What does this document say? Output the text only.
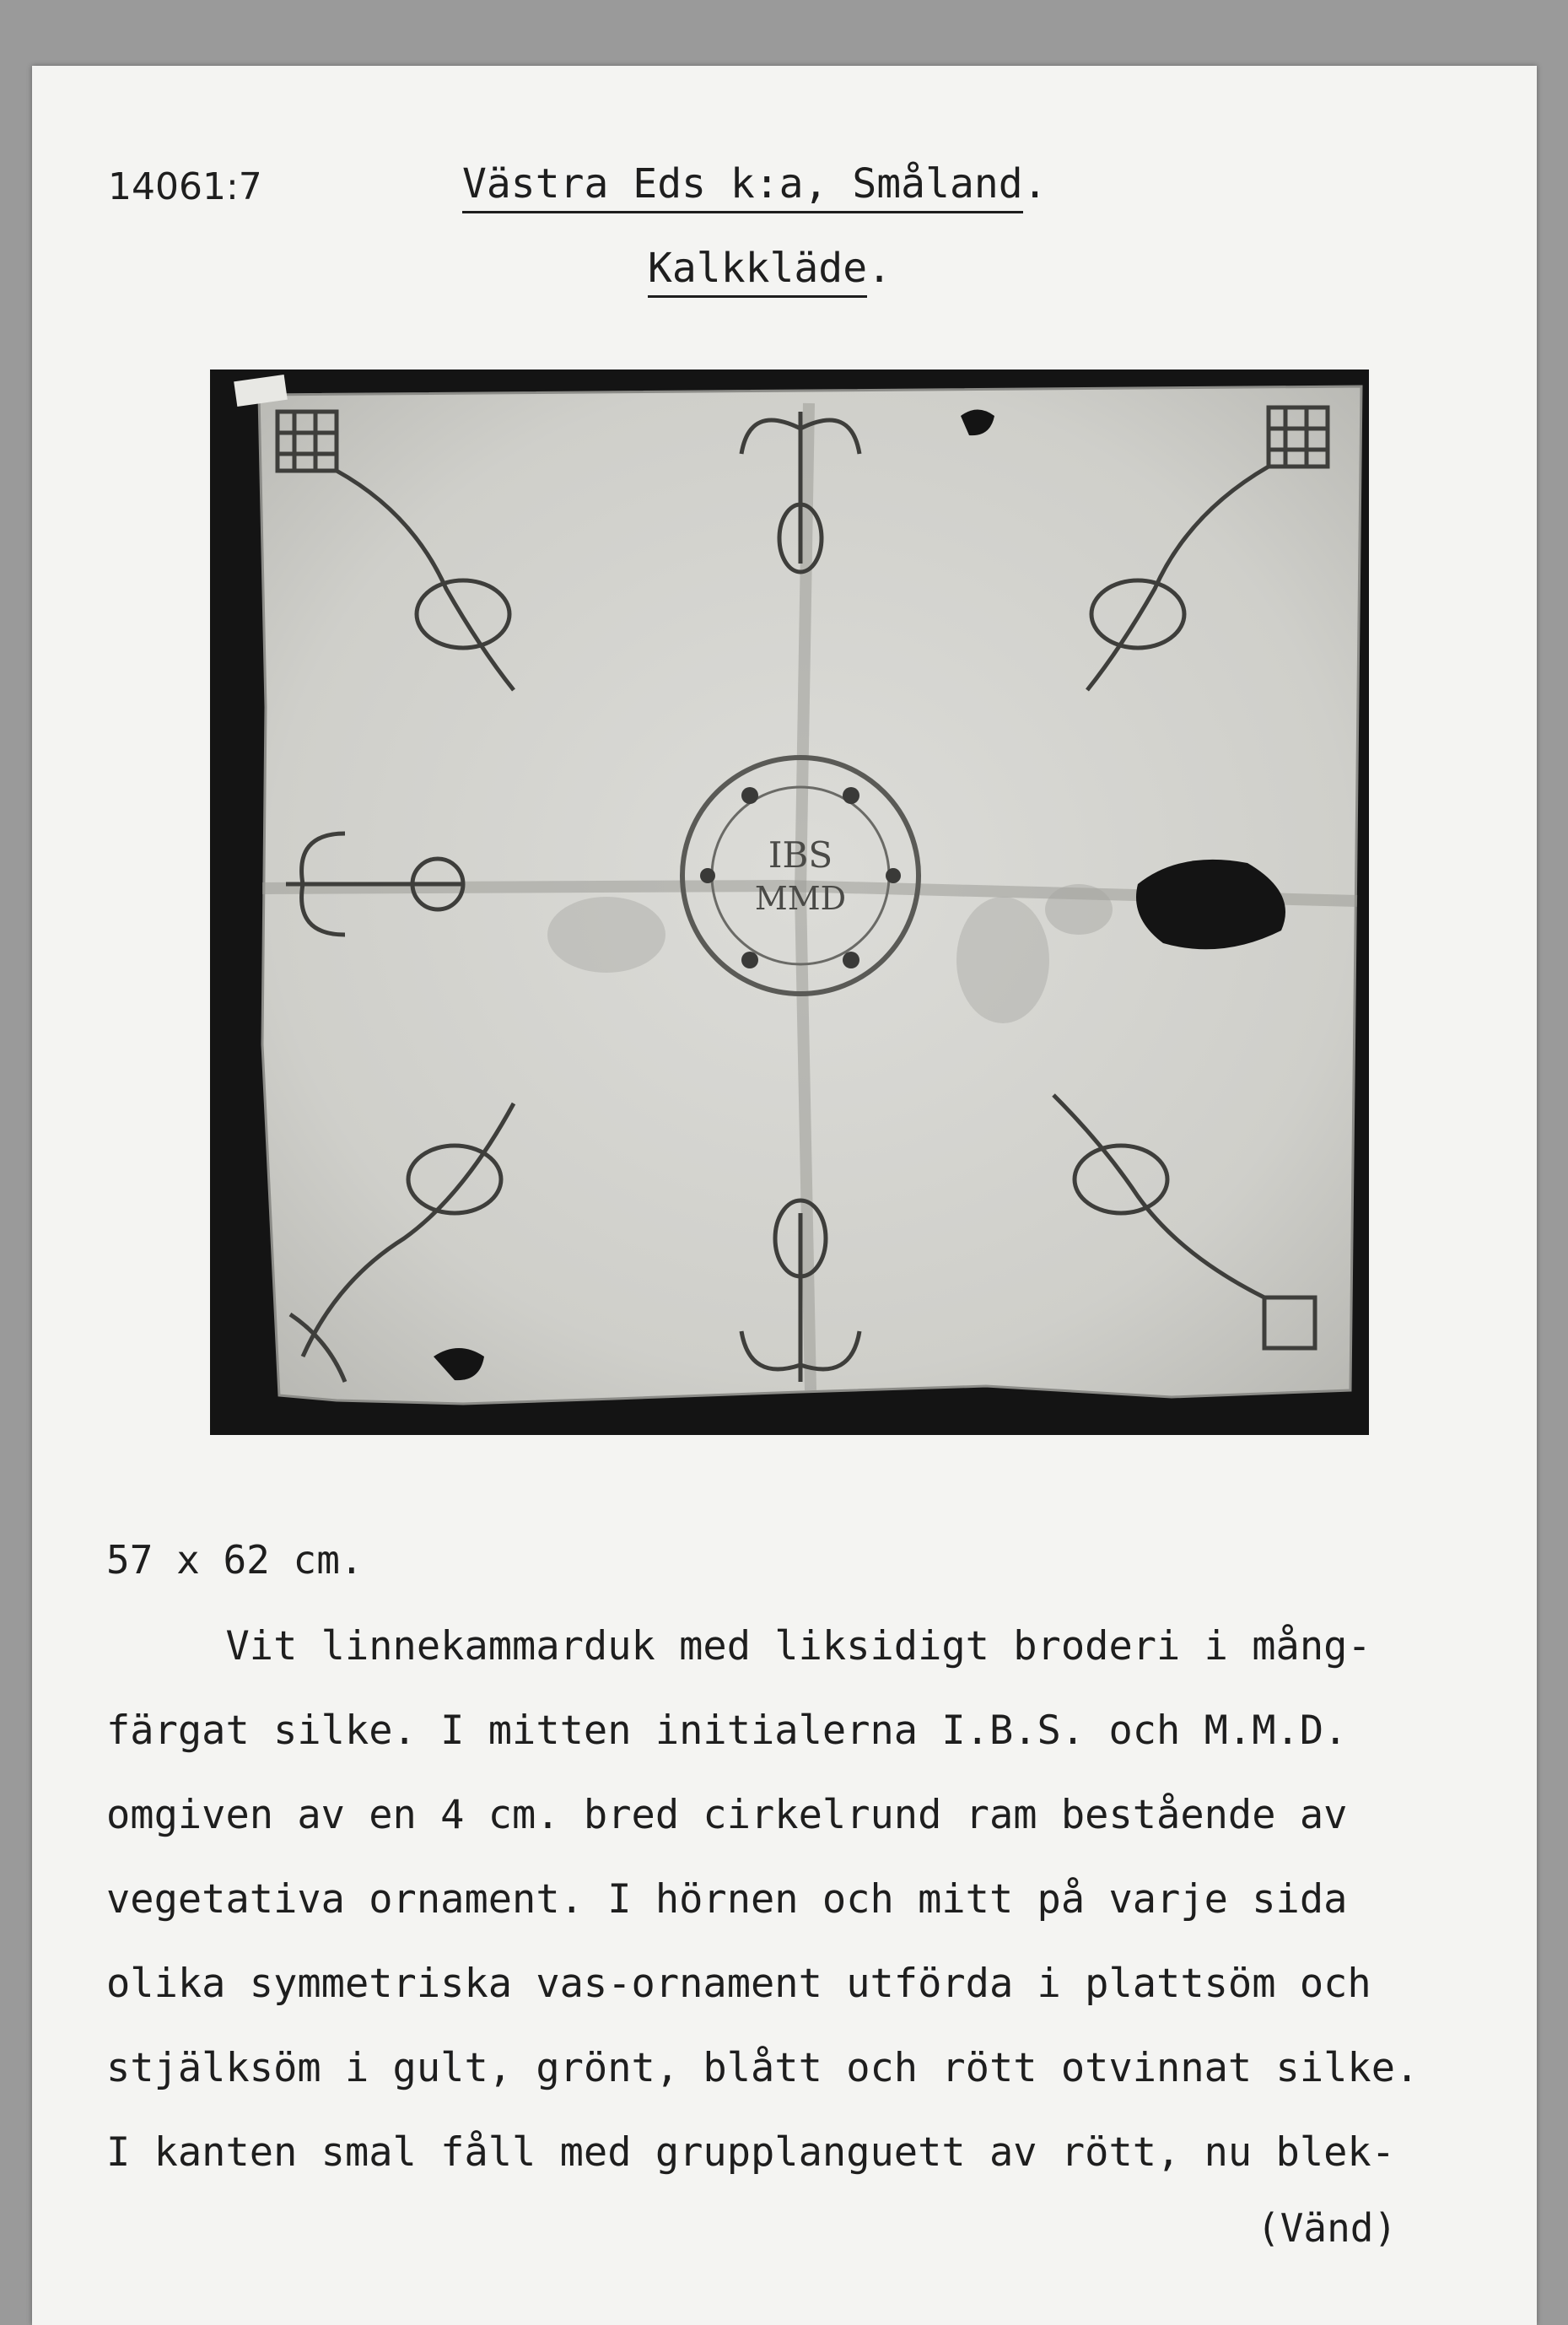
14061:7	Västra Eds k:a, Småland.
Kalkkläde.
IBS
MMD
57 x 62 cm.
Vit linnekammarduk med liksidigt broderi i mång-
färgat silke. I mitten initialerna I.B.S. och M.M.D.
omgiven av en 4 cm. bred cirkelrund ram bestående av
vegetativa ornament. I hörnen och mitt på varje sida
olika symmetriska vas-ornament utförda i plattsöm och
stjälksöm i gult, grönt, blått och rött otvinnat silke.
I kanten smal fåll med grupplanguett av rött, nu blek-
(Vänd)
